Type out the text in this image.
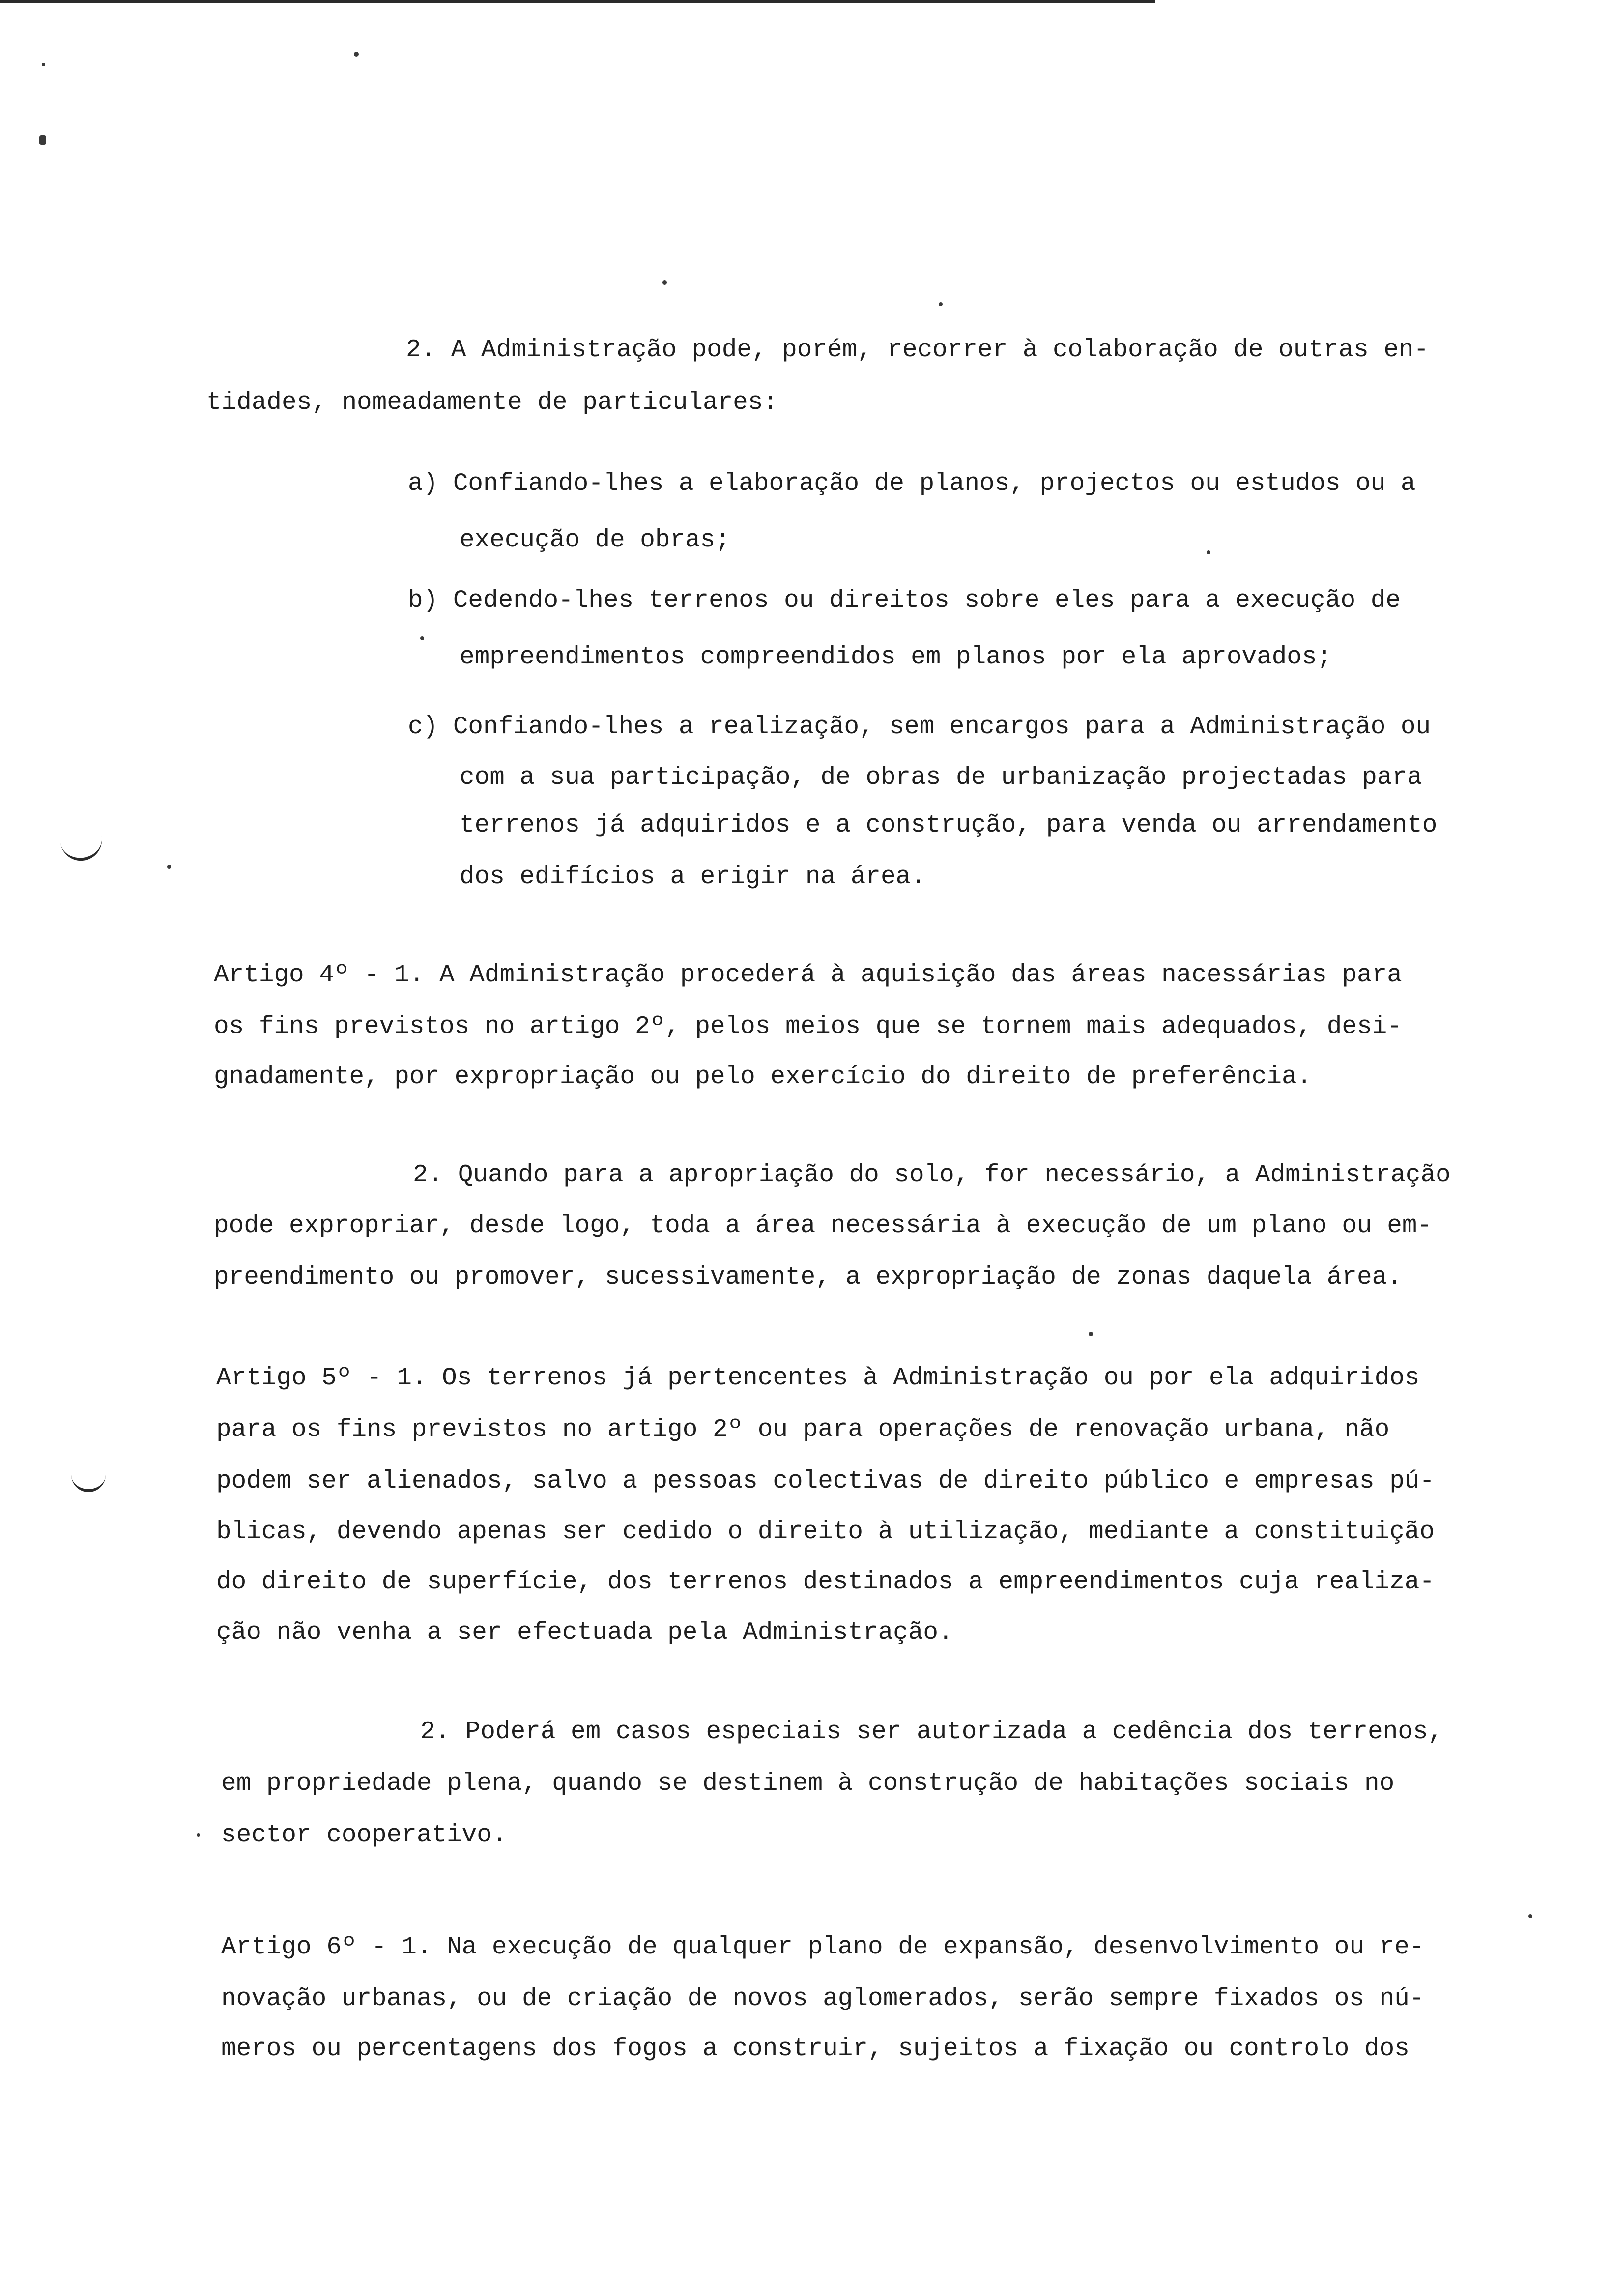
2. A Administração pode, porém, recorrer à colaboração de outras en-
tidades, nomeadamente de particulares:
a) Confiando-lhes a elaboração de planos, projectos ou estudos ou a
execução de obras;
b) Cedendo-lhes terrenos ou direitos sobre eles para a execução de
empreendimentos compreendidos em planos por ela aprovados;
c) Confiando-lhes a realização, sem encargos para a Administração ou
com a sua participação, de obras de urbanização projectadas para
terrenos já adquiridos e a construção, para venda ou arrendamento
dos edifícios a erigir na área.
Artigo 4º - 1. A Administração procederá à aquisição das áreas nacessárias para
os fins previstos no artigo 2º, pelos meios que se tornem mais adequados, desi-
gnadamente, por expropriação ou pelo exercício do direito de preferência.
2. Quando para a apropriação do solo, for necessário, a Administração
pode expropriar, desde logo, toda a área necessária à execução de um plano ou em-
preendimento ou promover, sucessivamente, a expropriação de zonas daquela área.
Artigo 5º - 1. Os terrenos já pertencentes à Administração ou por ela adquiridos
para os fins previstos no artigo 2º ou para operações de renovação urbana, não
podem ser alienados, salvo a pessoas colectivas de direito público e empresas pú-
blicas, devendo apenas ser cedido o direito à utilização, mediante a constituição
do direito de superfície, dos terrenos destinados a empreendimentos cuja realiza-
ção não venha a ser efectuada pela Administração.
2. Poderá em casos especiais ser autorizada a cedência dos terrenos,
em propriedade plena, quando se destinem à construção de habitações sociais no
sector cooperativo.
Artigo 6º - 1. Na execução de qualquer plano de expansão, desenvolvimento ou re-
novação urbanas, ou de criação de novos aglomerados, serão sempre fixados os nú-
meros ou percentagens dos fogos a construir, sujeitos a fixação ou controlo dos
